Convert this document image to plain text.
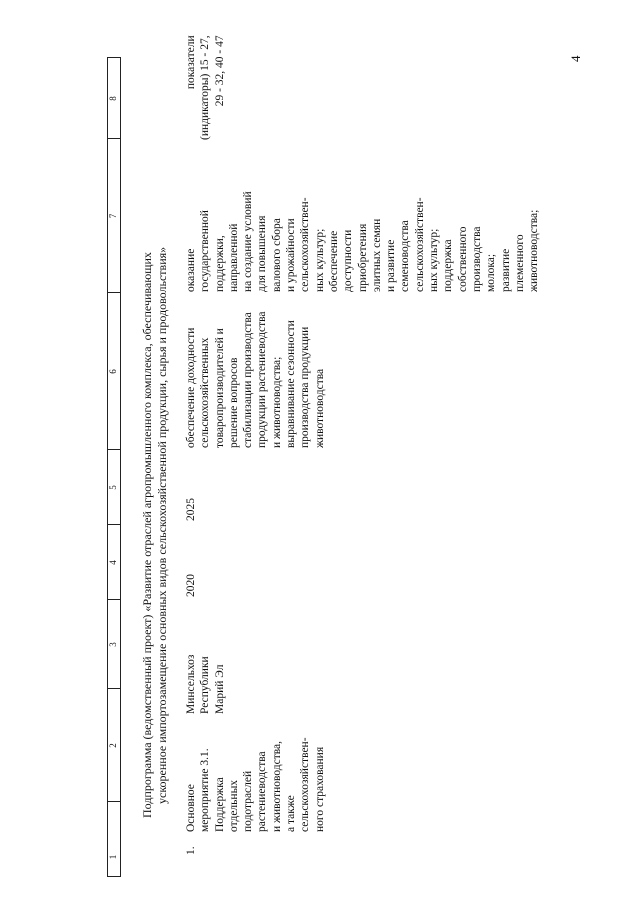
4
1
2
3
4
5
6
7
8
1.
Основное мероприятие 3.1. Поддержка отдельных подотраслей растениеводства и животноводства, а также сельскохозяйствен- ного страхования
Минсельхоз Республики Марий Эл
2020
2025
обеспечение доходности сельскохозяйственных товаропроизводителей и решение вопросов стабилизации производства продукции растениеводства и животноводства; выравнивание сезонности производства продукции животноводства
оказание государственной поддержки, направленной на создание условий для повышения валового сбора и урожайности сельскохозяйствен- ных культур; обеспечение доступности приобретения элитных семян и развитие семеноводства сельскохозяйствен- ных культур; поддержка собственного производства молока; развитие племенного животноводства;
показатели (индикаторы) 15 - 27, 29 - 32, 40 - 47
Подпрограмма (ведомственный проект) «Развитие отраслей агропромышленного комплекса, обеспечивающих ускоренное импортозамещение основных видов сельскохозяйственной продукции, сырья и продовольствия»
